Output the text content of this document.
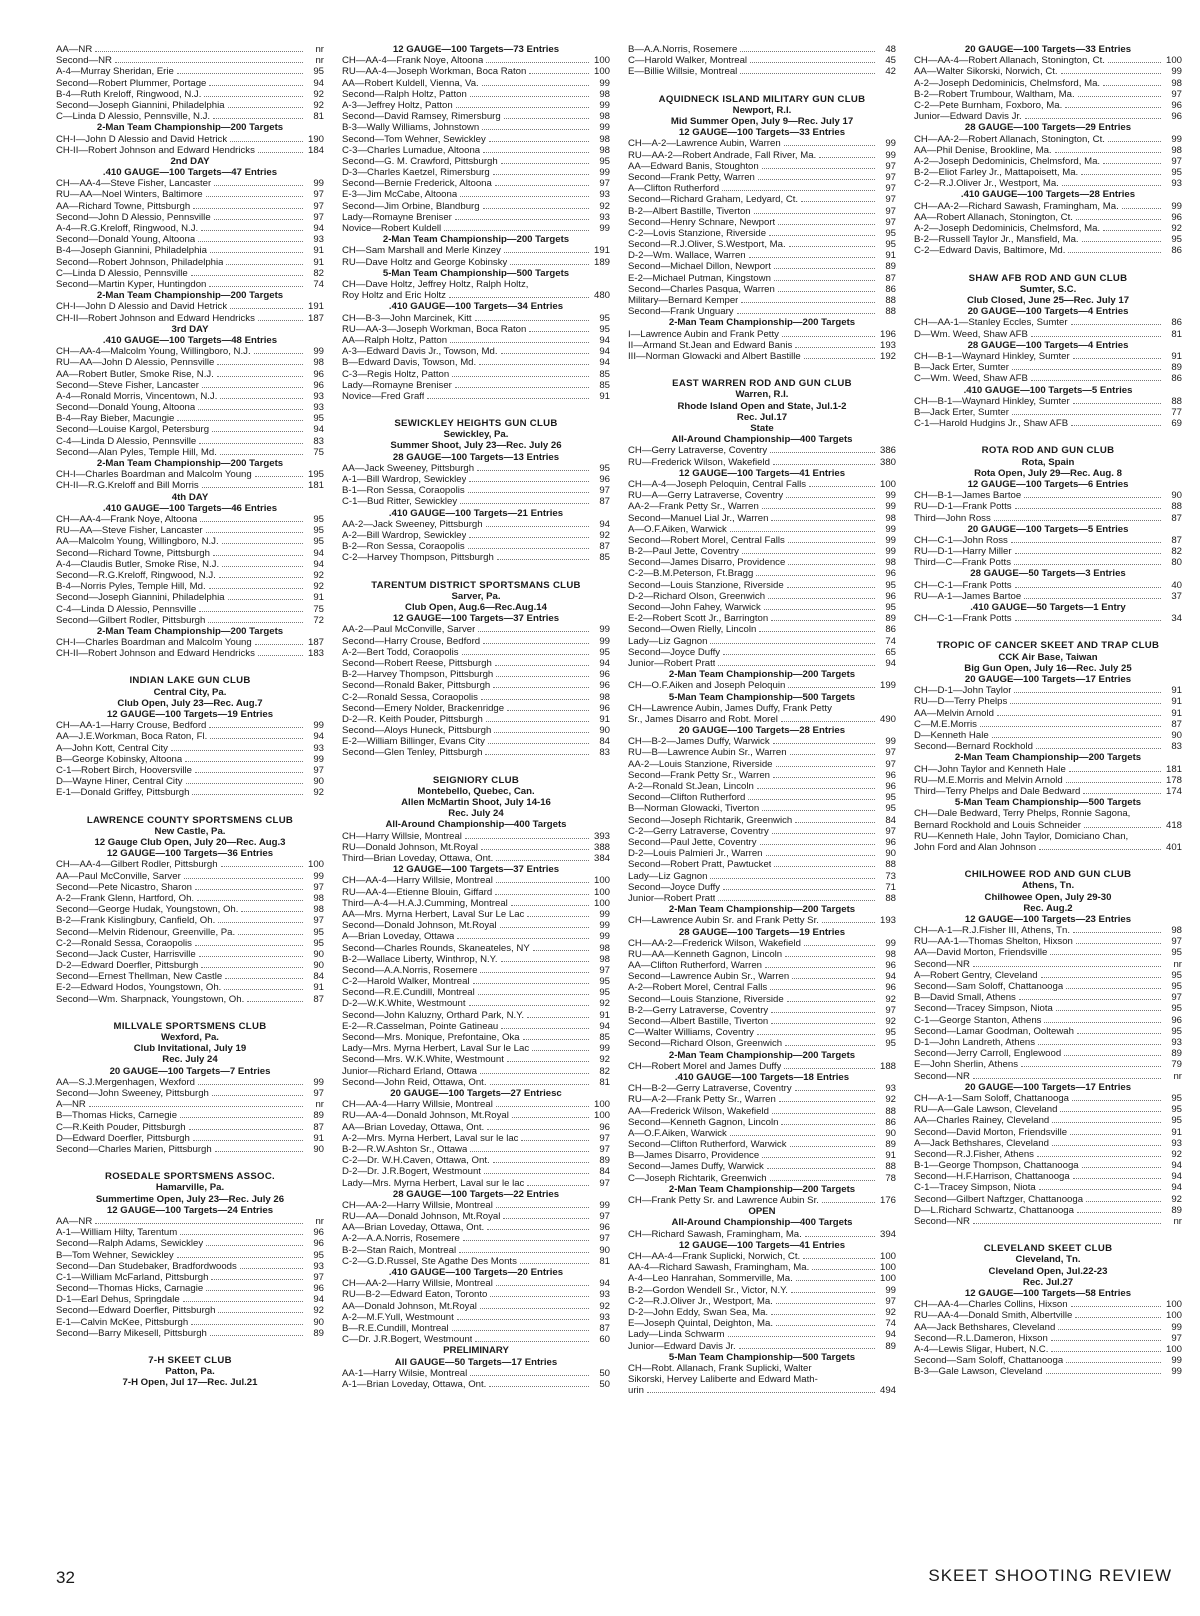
AA—NR	nr
Second—NR	nr
A-4—Murray Sheridan, Erie	95
Second—Robert Plummer, Portage	94
B-4—Ruth Kreloff, Ringwood, N.J.	92
Second—Joseph Giannini, Philadelphia	92
C—Linda D Alessio, Pennsville, N.J.	81
2-Man Team Championship—200 Targets
CH-I—John D Alessio and David Hetrick	190
CH-II—Robert Johnson and Edward Hendricks	184
2nd DAY
.410 GAUGE—100 Targets—47 Entries
CH—AA-4—Steve Fisher, Lancaster	99
RU—AA—Noel Winters, Baltimore	97
AA—Richard Towne, Pittsburgh	97
Second—John D Alessio, Pennsville	97
A-4—R.G.Kreloff, Ringwood, N.J.	94
Second—Donald Young, Altoona	93
B-4—Joseph Giannini, Philadelphia	91
Second—Robert Johnson, Philadelphia	91
C—Linda D Alessio, Pennsville	82
Second—Martin Kyper, Huntingdon	74
2-Man Team Championship—200 Targets
CH-I—John D Alessio and David Hetrick	191
CH-II—Robert Johnson and Edward Hendricks	187
3rd DAY
.410 GAUGE—100 Targets—48 Entries
CH—AA-4—Malcolm Young, Willingboro, N.J.	99
RU—AA—John D Alessio, Pennsville	98
AA—Robert Butler, Smoke Rise, N.J.	96
Second—Steve Fisher, Lancaster	96
A-4—Ronald Morris, Vincentown, N.J.	93
Second—Donald Young, Altoona	93
B-4—Ray Bieber, Macungie	95
Second—Louise Kargol, Petersburg	94
C-4—Linda D Alessio, Pennsville	83
Second—Alan Pyles, Temple Hill, Md.	75
2-Man Team Championship—200 Targets
CH-I—Charles Boardman and Malcolm Young	195
CH-II—R.G.Kreloff and Bill Morris	181
4th DAY
.410 GAUGE—100 Targets—46 Entries
CH—AA-4—Frank Noye, Altoona	95
RU—AA—Steve Fisher, Lancaster	95
AA—Malcolm Young, Willingboro, N.J.	95
Second—Richard Towne, Pittsburgh	94
A-4—Claudis Butler, Smoke Rise, N.J.	94
Second—R.G.Kreloff, Ringwood, N.J.	92
B-4—Norris Pyles, Temple Hill, Md.	92
Second—Joseph Giannini, Philadelphia	91
C-4—Linda D Alessio, Pennsville	75
Second—Gilbert Rodler, Pittsburgh	72
2-Man Team Championship—200 Targets
CH-I—Charles Boardman and Malcolm Young	187
CH-II—Robert Johnson and Edward Hendricks	183
INDIAN LAKE GUN CLUB
Central City, Pa.
Club Open, July 23—Rec. Aug.7
12 GAUGE—100 Targets—19 Entries
CH—AA-1—Harry Crouse, Bedford	99
AA—J.E.Workman, Boca Raton, Fl.	94
A—John Kott, Central City	93
B—George Kobinsky, Altoona	99
C-1—Robert Birch, Hooversville	97
D—Wayne Hiner, Central City	90
E-1—Donald Griffey, Pittsburgh	92
LAWRENCE COUNTY SPORTSMENS CLUB
New Castle, Pa.
12 Gauge Club Open, July 20—Rec. Aug.3
12 GAUGE—100 Targets—36 Entries
CH—AA-4—Gilbert Rodler, Pittsburgh	100
AA—Paul McConville, Sarver	99
Second—Pete Nicastro, Sharon	97
A-2—Frank Glenn, Hartford, Oh.	98
Second—George Hudak, Youngstown, Oh.	98
B-2—Frank Kislingbury, Canfield, Oh.	97
Second—Melvin Ridenour, Greenville, Pa.	95
C-2—Ronald Sessa, Coraopolis	95
Second—Jack Custer, Harrisville	90
D-2—Edward Doerfler, Pittsburgh	90
Second—Ernest Thellman, New Castle	84
E-2—Edward Hodos, Youngstown, Oh.	91
Second—Wm. Sharpnack, Youngstown, Oh.	87
MILLVALE SPORTSMENS CLUB
Wexford, Pa.
Club Invitational, July 19
Rec. July 24
20 GAUGE—100 Targets—7 Entries
AA—S.J.Mergenhagen, Wexford	99
Second—John Sweeney, Pittsburgh	97
A—NR	nr
B—Thomas Hicks, Carnegie	89
C—R.Keith Pouder, Pittsburgh	87
D—Edward Doerfler, Pittsburgh	91
Second—Charles Marien, Pittsburgh	90
ROSEDALE SPORTSMENS ASSOC.
Hamarville, Pa.
Summertime Open, July 23—Rec. July 26
12 GAUGE—100 Targets—24 Entries
AA—NR	nr
A-1—William Hilty, Tarentum	96
Second—Ralph Adams, Sewickley	96
B—Tom Wehner, Sewickley	95
Second—Dan Studebaker, Bradfordwoods	93
C-1—William McFarland, Pittsburgh	97
Second—Thomas Hicks, Carnagie	96
D-1—Earl Dehus, Springdale	94
Second—Edward Doerfler, Pittsburgh	92
E-1—Calvin McKee, Pittsburgh	90
Second—Barry Mikesell, Pittsburgh	89
7-H SKEET CLUB
Patton, Pa.
7-H Open, Jul 17—Rec. Jul.21
12 GAUGE—100 Targets—73 Entries
CH—AA-4—Frank Noye, Altoona	100
RU—AA-4—Joseph Workman, Boca Raton	100
AA—Robert Kuldell, Vienna, Va.	99
Second—Ralph Holtz, Patton	98
A-3—Jeffrey Holtz, Patton	99
Second—David Ramsey, Rimersburg	98
B-3—Wally Williams, Johnstown	99
Second—Tom Wehner, Sewickley	98
C-3—Charles Lumadue, Altoona	98
Second—G. M. Crawford, Pittsburgh	95
D-3—Charles Kaetzel, Rimersburg	99
Second—Bernie Frederick, Altoona	97
E-3—Jim McCabe, Altoona	93
Second—Jim Orbine, Blandburg	92
Lady—Romayne Breniser	93
Novice—Robert Kuldell	99
2-Man Team Championship—200 Targets
CH—Sam Marshall and Merle Kinzey	191
RU—Dave Holtz and George Kobinsky	189
5-Man Team Championship—500 Targets
CH—Dave Holtz, Jeffrey Holtz, Ralph Holtz,
Roy Holtz and Eric Holtz	480
.410 GAUGE—100 Targets—34 Entries
CH—B-3—John Marcinek, Kitt	95
RU—AA-3—Joseph Workman, Boca Raton	95
AA—Ralph Holtz, Patton	94
A-3—Edward Davis Jr., Towson, Md.	94
B—Edward Davis, Towson, Md.	94
C-3—Regis Holtz, Patton	85
Lady—Romayne Breniser	85
Novice—Fred Graff	91
SEWICKLEY HEIGHTS GUN CLUB
Sewickley, Pa.
Summer Shoot, July 23—Rec. July 26
28 GAUGE—100 Targets—13 Entries
AA—Jack Sweeney, Pittsburgh	95
A-1—Bill Wardrop, Sewickley	96
B-1—Ron Sessa, Coraopolis	97
C-1—Bud Ritter, Sewickley	87
.410 GAUGE—100 Targets—21 Entries
AA-2—Jack Sweeney, Pittsburgh	94
A-2—Bill Wardrop, Sewickley	92
B-2—Ron Sessa, Coraopolis	87
C-2—Harvey Thompson, Pittsburgh	85
TARENTUM DISTRICT SPORTSMANS CLUB
Sarver, Pa.
Club Open, Aug.6—Rec.Aug.14
12 GAUGE—100 Targets—37 Entries
AA-2—Paul McConville, Sarver	99
Second—Harry Crouse, Bedford	99
A-2—Bert Todd, Coraopolis	95
Second—Robert Reese, Pittsburgh	94
B-2—Harvey Thompson, Pittsburgh	96
Second—Ronald Baker, Pittsburgh	96
C-2—Ronald Sessa, Coraopolis	98
Second—Emery Nolder, Brackenridge	96
D-2—R. Keith Pouder, Pittsburgh	91
Second—Aloys Huneck, Pittsburgh	90
E-2—William Billinger, Evans City	84
Second—Glen Tenley, Pittsburgh	83
SEIGNIORY CLUB
Montebello, Quebec, Can.
Allen McMartin Shoot, July 14-16
Rec. July 24
All-Around Championship—400 Targets
CH—Harry Willsie, Montreal	393
RU—Donald Johnson, Mt.Royal	388
Third—Brian Loveday, Ottawa, Ont.	384
12 GAUGE—100 Targets—37 Entries
CH—AA-4—Harry Willsie, Montreal	100
RU—AA-4—Etienne Blouin, Giffard	100
Third—A-4—H.A.J.Cumming, Montreal	100
AA—Mrs. Myrna Herbert, Laval Sur Le Lac	99
Second—Donald Johnson, Mt.Royal	99
A—Brian Loveday, Ottawa	99
Second—Charles Rounds, Skaneateles, NY	98
B-2—Wallace Liberty, Winthrop, N.Y.	98
Second—A.A.Norris, Rosemere	97
C-2—Harold Walker, Montreal	95
Second—R.E.Cundill, Montreal	95
D-2—W.K.White, Westmount	92
Second—John Kaluzny, Orthard Park, N.Y.	91
E-2—R.Casselman, Pointe Gatineau	94
Second—Mrs. Monique, Prefontaine, Oka	85
Lady—Mrs. Myrna Herbert, Laval Sur le Lac	99
Second—Mrs. W.K.White, Westmount	92
Junior—Richard Erland, Ottawa	82
Second—John Reid, Ottawa, Ont.	81
20 GAUGE—100 Targets—27 Entriesc
CH—AA-4—Harry Willsie, Montreal	100
RU—AA-4—Donald Johnson, Mt.Royal	100
AA—Brian Loveday, Ottawa, Ont.	96
A-2—Mrs. Myrna Herbert, Laval sur le lac	97
B-2—R.W.Ashton Sr., Ottawa	97
C-2—Dr. W.H.Caven, Ottawa, Ont.	89
D-2—Dr. J.R.Bogert, Westmount	84
Lady—Mrs. Myrna Herbert, Laval sur le lac	97
28 GAUGE—100 Targets—22 Entries
CH—AA-2—Harry Willsie, Montreal	99
RU—AA—Donald Johnson, Mt.Royal	97
AA—Brian Loveday, Ottawa, Ont.	96
A-2—A.A.Norris, Rosemere	97
B-2—Stan Raich, Montreal	90
C-2—G.D.Russel, Ste Agathe Des Monts	81
.410 GAUGE—100 Targets—20 Entries
CH—AA-2—Harry Willsie, Montreal	94
RU—B-2—Edward Eaton, Toronto	93
AA—Donald Johnson, Mt.Royal	92
A-2—M.F.Yull, Westmount	93
B—R.E.Cundill, Montreal	87
C—Dr. J.R.Bogert, Westmount	60
PRELIMINARY
All GAUGE—50 Targets—17 Entries
AA-1—Harry Wilsie, Montreal	50
A-1—Brian Loveday, Ottawa, Ont.	50
B—A.A.Norris, Rosemere	48
C—Harold Walker, Montreal	45
E—Billie Willsie, Montreal	42
AQUIDNECK ISLAND MILITARY GUN CLUB
Newport, R.I.
Mid Summer Open, July 9—Rec. July 17
12 GAUGE—100 Targets—33 Entries
CH—A-2—Lawrence Aubin, Warren	99
RU—AA-2—Robert Andrade, Fall River, Ma.	99
AA—Edward Banis, Stoughton	97
Second—Frank Petty, Warren	97
A—Clifton Rutherford	97
Second—Richard Graham, Ledyard, Ct.	97
B-2—Albert Bastille, Tiverton	97
Second—Henry Schnare, Newport	97
C-2—Lovis Stanzione, Riverside	95
Second—R.J.Oliver, S.Westport, Ma.	95
D-2—Wm. Wallace, Warren	91
Second—Michael Dillon, Newport	89
E-2—Michael Putman, Kingstown	87
Second—Charles Pasqua, Warren	86
Military—Bernard Kemper	88
Second—Frank Unguary	88
2-Man Team Championship—200 Targets
I—Lawrence Aubin and Frank Petty	196
II—Armand St.Jean and Edward Banis	193
III—Norman Glowacki and Albert Bastille	192
EAST WARREN ROD AND GUN CLUB
Warren, R.I.
Rhode Island Open and State, Jul.1-2
Rec. Jul.17
State
All-Around Championship—400 Targets
CH—Gerry Latraverse, Coventry	386
RU—Frederick Wilson, Wakefield	380
12 GAUGE—100 Targets—41 Entries
CH—A-4—Joseph Peloquin, Central Falls	100
RU—A—Gerry Latraverse, Coventry	99
AA-2—Frank Petty Sr., Warren	99
Second—Manuel Lial Jr., Warren	98
A—O.F.Aiken, Warwick	99
Second—Robert Morel, Central Falls	99
B-2—Paul Jette, Coventry	99
Second—James Disarro, Providence	98
C-2—B.M.Peterson, Ft.Bragg	96
Second—Louis Stanzione, Riverside	95
D-2—Richard Olson, Greenwich	96
Second—John Fahey, Warwick	95
E-2—Robert Scott Jr., Barrington	89
Second—Owen Rielly, Lincoln	86
Lady—Liz Gagnon	74
Second—Joyce Duffy	65
Junior—Robert Pratt	94
2-Man Team Championship—200 Targets
CH—O.F.Aiken and Joseph Peloquin	199
5-Man Team Championship—500 Targets
CH—Lawrence Aubin, James Duffy, Frank Petty
Sr., James Disarro and Robt. Morel	490
20 GAUGE—100 Targets—28 Entries
CH—B-2—James Duffy, Warwick	99
RU—B—Lawrence Aubin Sr., Warren	97
AA-2—Louis Stanzione, Riverside	97
Second—Frank Petty Sr., Warren	96
A-2—Ronald St.Jean, Lincoln	96
Second—Clifton Rutherford	95
B—Norman Glowacki, Tiverton	95
Second—Joseph Richtarik, Greenwich	84
C-2—Gerry Latraverse, Coventry	97
Second—Paul Jette, Coventry	96
D-2—Louis Palmieri Jr., Warren	90
Second—Robert Pratt, Pawtucket	88
Lady—Liz Gagnon	73
Second—Joyce Duffy	71
Junior—Robert Pratt	88
2-Man Team Championship—200 Targets
CH—Lawrence Aubin Sr. and Frank Petty Sr.	193
28 GAUGE—100 Targets—19 Entries
CH—AA-2—Frederick Wilson, Wakefield	99
RU—AA—Kenneth Gagnon, Lincoln	98
AA—Clifton Rutherford, Warren	96
Second—Lawrence Aubin Sr., Warren	94
A-2—Robert Morel, Central Falls	96
Second—Louis Stanzione, Riverside	92
B-2—Gerry Latraverse, Coventry	97
Second—Albert Bastille, Tiverton	92
C—Walter Williams, Coventry	95
Second—Richard Olson, Greenwich	95
2-Man Team Championship—200 Targets
CH—Robert Morel and James Duffy	188
.410 GAUGE—100 Targets—18 Entries
CH—B-2—Gerry Latraverse, Coventry	93
RU—A-2—Frank Petty Sr., Warren	92
AA—Frederick Wilson, Wakefield	88
Second—Kenneth Gagnon, Lincoln	86
A—O.F.Aiken, Warwick	90
Second—Clifton Rutherford, Warwick	89
B—James Disarro, Providence	91
Second—James Duffy, Warwick	88
C—Joseph Richtarik, Greenwich	78
2-Man Team Championship—200 Targets
CH—Frank Petty Sr. and Lawrence Aubin Sr.	176
OPEN
All-Around Championship—400 Targets
CH—Richard Sawash, Framingham, Ma.	394
12 GAUGE—100 Targets—41 Entries
CH—AA-4—Frank Suplicki, Norwich, Ct.	100
AA-4—Richard Sawash, Framingham, Ma.	100
A-4—Leo Hanrahan, Sommerville, Ma.	100
B-2—Gordon Wendell Sr., Victor, N.Y.	99
C-2—R.J.Oliver Jr., Westport, Ma.	97
D-2—John Eddy, Swan Sea, Ma.	92
E—Joseph Quintal, Deighton, Ma.	74
Lady—Linda Schwarm	94
Junior—Edward Davis Jr.	89
5-Man Team Championship—500 Targets
CH—Robt. Allanach, Frank Suplicki, Walter
Sikorski, Hervey Laliberte and Edward Math-
urin	494
20 GAUGE—100 Targets—33 Entries
CH—AA-4—Robert Allanach, Stonington, Ct.	100
AA—Walter Sikorski, Norwich, Ct.	99
A-2—Joseph Dedominicis, Chelmsford, Ma.	98
B-2—Robert Trumbour, Waltham, Ma.	97
C-2—Pete Burnham, Foxboro, Ma.	96
Junior—Edward Davis Jr.	96
28 GAUGE—100 Targets—29 Entries
CH—AA-2—Robert Allanach, Stonington, Ct.	99
AA—Phil Denise, Brookline, Ma.	98
A-2—Joseph Dedominicis, Chelmsford, Ma.	97
B-2—Eliot Farley Jr., Mattapoisett, Ma.	95
C-2—R.J.Oliver Jr., Westport, Ma.	93
.410 GAUGE—100 Targets—28 Entries
CH—AA-2—Richard Sawash, Framingham, Ma.	99
AA—Robert Allanach, Stonington, Ct.	96
A-2—Joseph Dedominicis, Chelmsford, Ma.	92
B-2—Russell Taylor Jr., Mansfield, Ma.	95
C-2—Edward Davis, Baltimore, Md.	86
SHAW AFB ROD AND GUN CLUB
Sumter, S.C.
Club Closed, June 25—Rec. July 17
20 GAUGE—100 Targets—4 Entries
CH—AA-1—Stanley Eccles, Sumter	86
D—Wm. Weed, Shaw AFB	81
28 GAUGE—100 Targets—4 Entries
CH—B-1—Waynard Hinkley, Sumter	91
B—Jack Erter, Sumter	89
C—Wm. Weed, Shaw AFB	86
.410 GAUGE—100 Targets—5 Entries
CH—B-1—Waynard Hinkley, Sumter	88
B—Jack Erter, Sumter	77
C-1—Harold Hudgins Jr., Shaw AFB	69
ROTA ROD AND GUN CLUB
Rota, Spain
Rota Open, July 29—Rec. Aug. 8
12 GAUGE—100 Targets—6 Entries
CH—B-1—James Bartoe	90
RU—D-1—Frank Potts	88
Third—John Ross	87
20 GAUGE—100 Targets—5 Entries
CH—C-1—John Ross	87
RU—D-1—Harry Miller	82
Third—C—Frank Potts	80
28 GAUGE—50 Targets—3 Entries
CH—C-1—Frank Potts	40
RU—A-1—James Bartoe	37
.410 GAUGE—50 Targets—1 Entry
CH—C-1—Frank Potts	34
TROPIC OF CANCER SKEET AND TRAP CLUB
CCK Air Base, Taiwan
Big Gun Open, July 16—Rec. July 25
20 GAUGE—100 Targets—17 Entries
CH—D-1—John Taylor	91
RU—D—Terry Phelps	91
AA—Melvin Arnold	91
C—M.E.Morris	87
D—Kenneth Hale	90
Second—Bernard Rockhold	83
2-Man Team Championship—200 Targets
CH—John Taylor and Kenneth Hale	181
RU—M.E.Morris and Melvin Arnold	178
Third—Terry Phelps and Dale Bedward	174
5-Man Team Championship—500 Targets
CH—Dale Bedward, Terry Phelps, Ronnie Sagona,
Bernard Rockhold and Louis Schneider	418
RU—Kenneth Hale, John Taylor, Domiciano Chan,
John Ford and Alan Johnson	401
CHILHOWEE ROD AND GUN CLUB
Athens, Tn.
Chilhowee Open, July 29-30
Rec. Aug.2
12 GAUGE—100 Targets—23 Entries
CH—A-1—R.J.Fisher III, Athens, Tn.	98
RU—AA-1—Thomas Shelton, Hixson	97
AA—David Morton, Friendsville	95
Second—NR	nr
A—Robert Gentry, Cleveland	95
Second—Sam Soloff, Chattanooga	95
B—David Small, Athens	97
Second—Tracey Simpson, Niota	95
C-1—George Stanton, Athens	96
Second—Lamar Goodman, Ooltewah	95
D-1—John Landreth, Athens	93
Second—Jerry Carroll, Englewood	89
E—John Sherlin, Athens	79
Second—NR	nr
20 GAUGE—100 Targets—17 Entries
CH—A-1—Sam Soloff, Chattanooga	95
RU—A—Gale Lawson, Cleveland	95
AA—Charles Rainey, Cleveland	95
Second—David Morton, Friendsville	91
A—Jack Bethshares, Cleveland	93
Second—R.J.Fisher, Athens	92
B-1—George Thompson, Chattanooga	94
Second—H.F.Harrison, Chattanooga	94
C-1—Tracey Simpson, Niota	94
Second—Gilbert Naftzger, Chattanooga	92
D—L.Richard Schwartz, Chattanooga	89
Second—NR	nr
CLEVELAND SKEET CLUB
Cleveland, Tn.
Cleveland Open, Jul.22-23
Rec. Jul.27
12 GAUGE—100 Targets—58 Entries
CH—AA-4—Charles Collins, Hixson	100
RU—AA-4—Donald Smith, Albertville	100
AA—Jack Bethshares, Cleveland	99
Second—R.L.Dameron, Hixson	97
A-4—Lewis Sligar, Hubert, N.C.	100
Second—Sam Soloff, Chattanooga	99
B-3—Gale Lawson, Cleveland	99
32	SKEET SHOOTING REVIEW
